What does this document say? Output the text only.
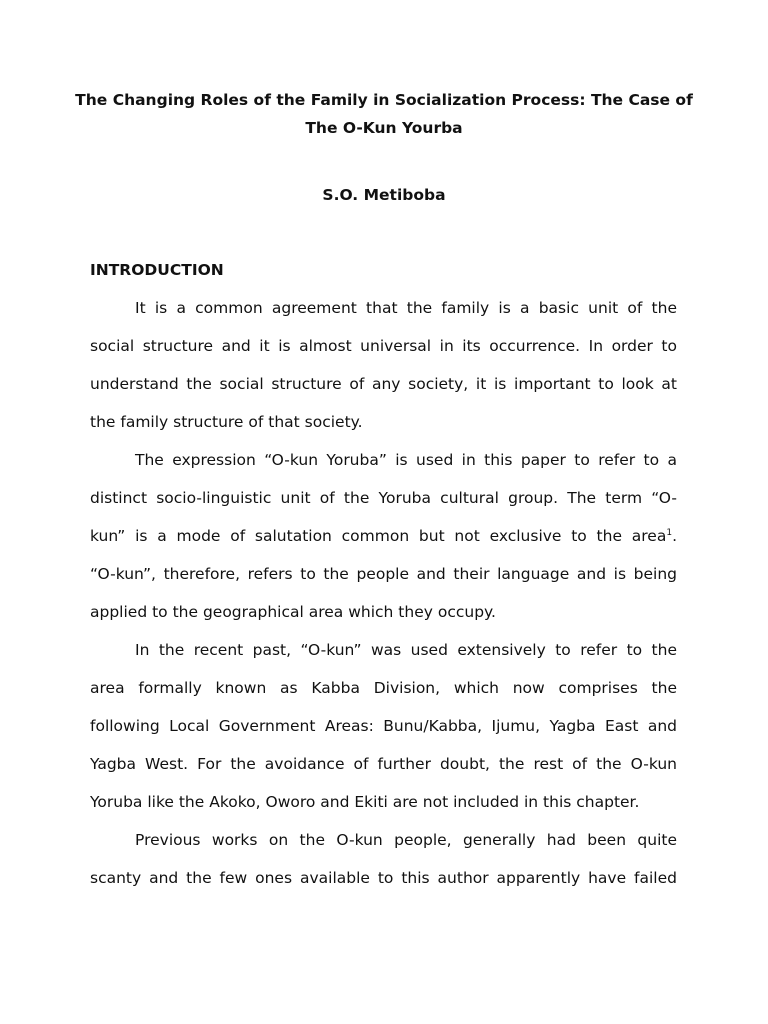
The Changing Roles of the Family in Socialization Process: The Case of The O-Kun Yourba
S.O. Metiboba
INTRODUCTION
It is a common agreement that the family is a basic unit of the
social structure and it is almost universal in its occurrence. In order to
understand the social structure of any society, it is important to look at
the family structure of that society.
The expression “O-kun Yoruba” is used in this paper to refer to a
distinct socio-linguistic unit of the Yoruba cultural group. The term “O-
kun” is a mode of salutation common but not exclusive to the area$^1$.
“O-kun”, therefore, refers to the people and their language and is being
applied to the geographical area which they occupy.
In the recent past, “O-kun” was used extensively to refer to the
area formally known as Kabba Division, which now comprises the
following Local Government Areas: Bunu/Kabba, Ijumu, Yagba East and
Yagba West. For the avoidance of further doubt, the rest of the O-kun
Yoruba like the Akoko, Oworo and Ekiti are not included in this chapter.
Previous works on the O-kun people, generally had been quite
scanty and the few ones available to this author apparently have failed
